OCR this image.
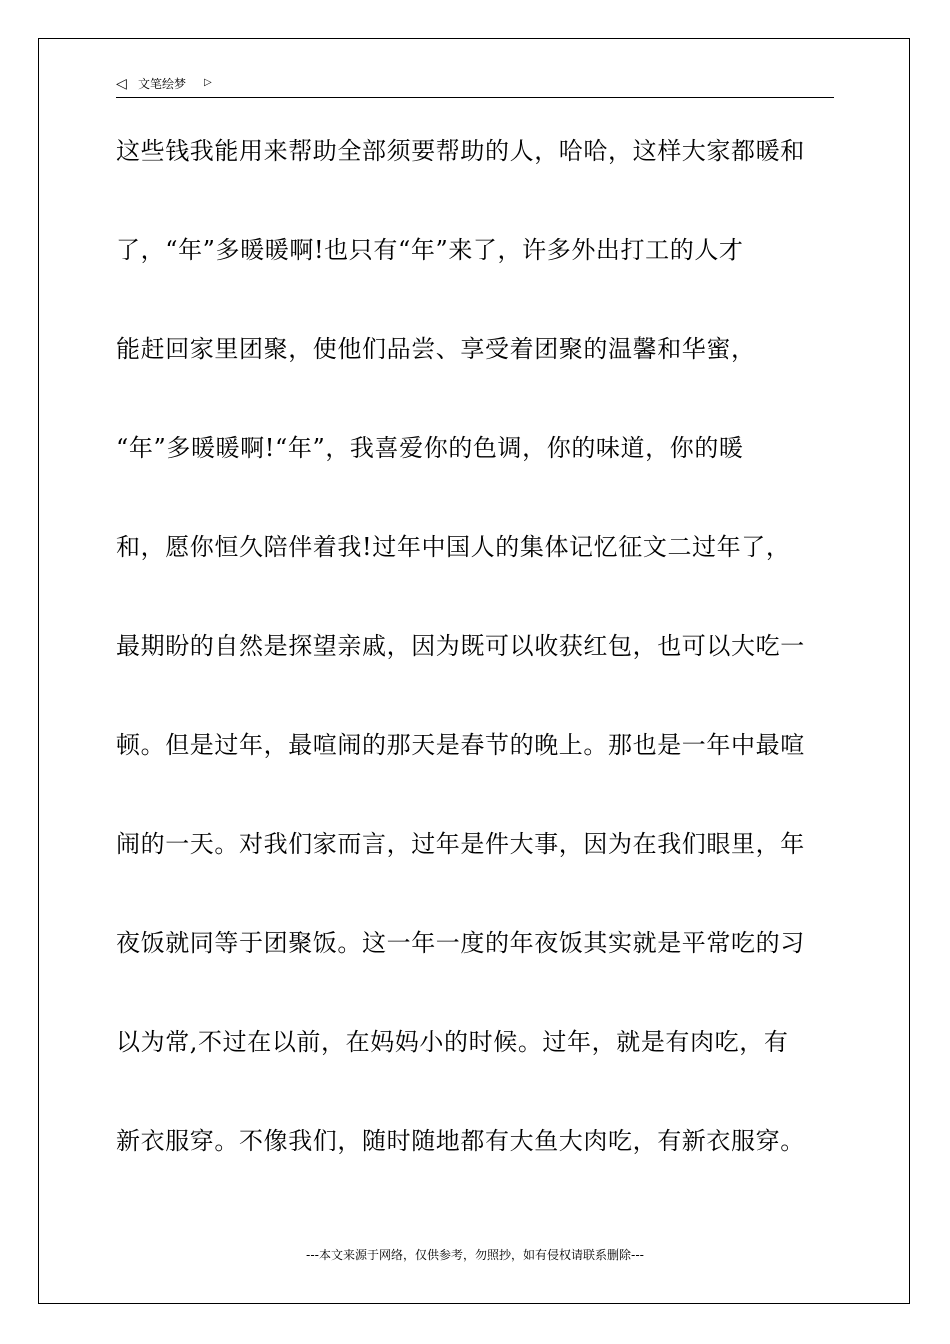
◁ 文笔绘梦 ▷
这些钱我能用来帮助全部须要帮助的人，哈哈，这样大家都暖和
了，“年”多暖暖啊!也只有“年”来了，许多外出打工的人才
能赶回家里团聚，使他们品尝、享受着团聚的温馨和华蜜，
“年”多暖暖啊!“年”，我喜爱你的色调，你的味道，你的暖
和，愿你恒久陪伴着我!过年中国人的集体记忆征文二过年了，
最期盼的自然是探望亲戚，因为既可以收获红包，也可以大吃一
顿。但是过年，最喧闹的那天是春节的晚上。那也是一年中最喧
闹的一天。对我们家而言，过年是件大事，因为在我们眼里，年
夜饭就同等于团聚饭。这一年一度的年夜饭其实就是平常吃的习
以为常,不过在以前，在妈妈小的时候。过年，就是有肉吃，有
新衣服穿。不像我们，随时随地都有大鱼大肉吃，有新衣服穿。
---本文来源于网络，仅供参考，勿照抄，如有侵权请联系删除---
